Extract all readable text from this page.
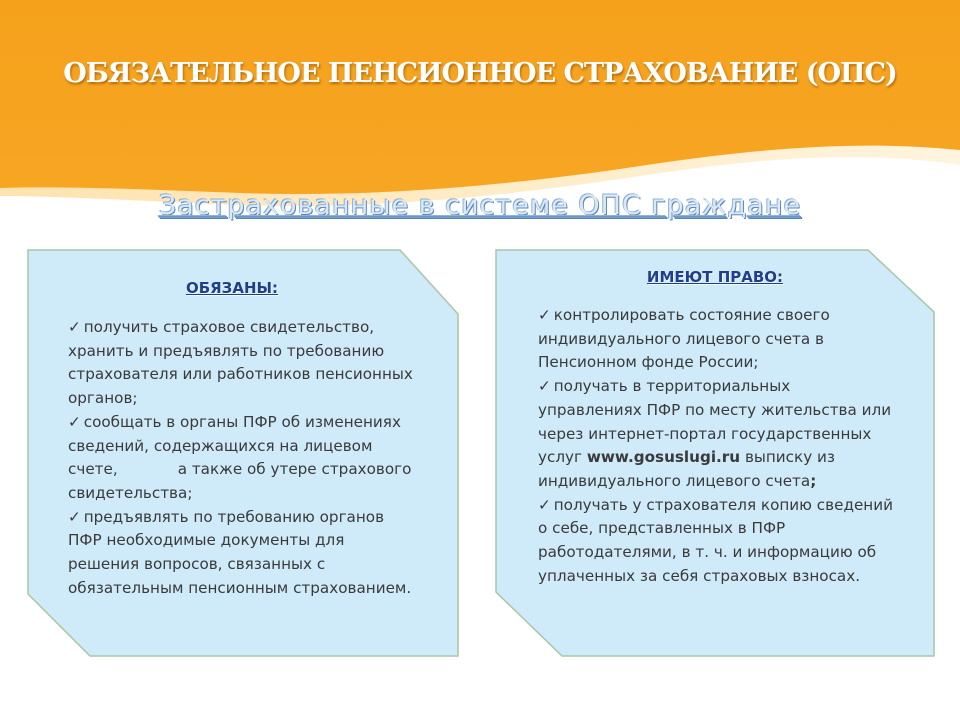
ОБЯЗАТЕЛЬНОЕ ПЕНСИОННОЕ СТРАХОВАНИЕ (ОПС)
Застрахованные в системе ОПС граждане
ОБЯЗАНЫ:

✓ получить страховое свидетельство, хранить и предъявлять по требованию страхователя или работников пенсионных органов;

✓ сообщать в органы ПФР об изменениях сведений, содержащихся на лицевом счете,	а также об утере страхового свидетельства;

✓ предъявлять по требованию органов ПФР необходимые документы для решения вопросов, связанных с обязательным пенсионным страхованием.

ИМЕЮТ ПРАВО:

✓ контролировать состояние своего индивидуального лицевого счета в Пенсионном фонде России;

✓ получать в территориальных управлениях ПФР по месту жительства или через интернет-портал государственных услуг www.gosuslugi.ru выписку из индивидуального лицевого счета;

✓ получать у страхователя копию сведений о себе, представленных в ПФР работодателями, в т. ч. и информацию об уплаченных за себя страховых взносах.
